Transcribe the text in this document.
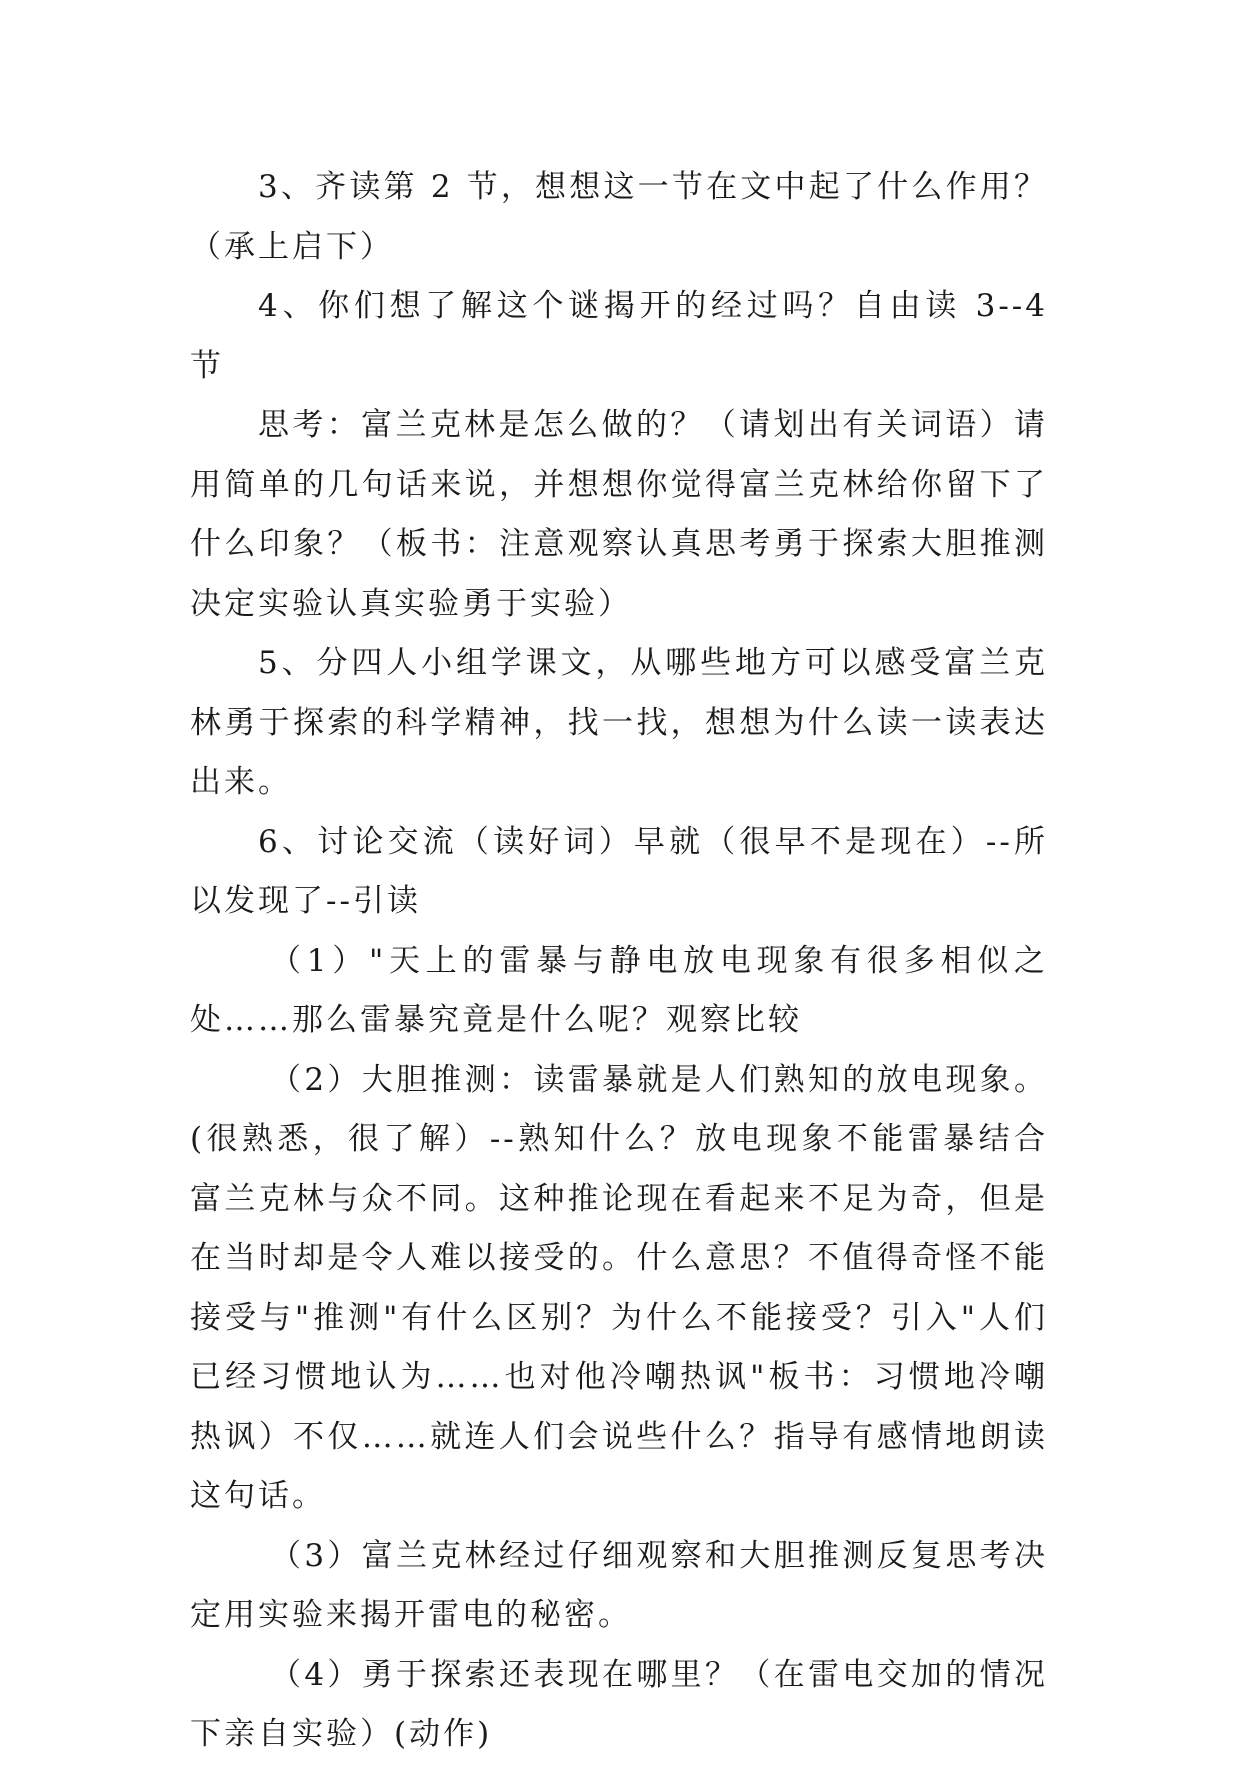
3、齐读第 2 节，想想这一节在文中起了什么作用？（承上启下）

4、你们想了解这个谜揭开的经过吗？自由读 3--4 节

思考：富兰克林是怎么做的？（请划出有关词语）请用简单的几句话来说，并想想你觉得富兰克林给你留下了什么印象？（板书：注意观察认真思考勇于探索大胆推测决定实验认真实验勇于实验）

5、分四人小组学课文，从哪些地方可以感受富兰克林勇于探索的科学精神，找一找，想想为什么读一读表达出来。

6、讨论交流（读好词）早就（很早不是现在）--所以发现了--引读

（1）"天上的雷暴与静电放电现象有很多相似之处……那么雷暴究竟是什么呢？观察比较

（2）大胆推测：读雷暴就是人们熟知的放电现象。(很熟悉，很了解）--熟知什么？放电现象不能雷暴结合富兰克林与众不同。这种推论现在看起来不足为奇，但是在当时却是令人难以接受的。什么意思？不值得奇怪不能接受与"推测"有什么区别？为什么不能接受？引入"人们已经习惯地认为……也对他冷嘲热讽"板书：习惯地冷嘲热讽）不仅……就连人们会说些什么？指导有感情地朗读这句话。

（3）富兰克林经过仔细观察和大胆推测反复思考决定用实验来揭开雷电的秘密。

（4）勇于探索还表现在哪里？（在雷电交加的情况下亲自实验）(动作)
